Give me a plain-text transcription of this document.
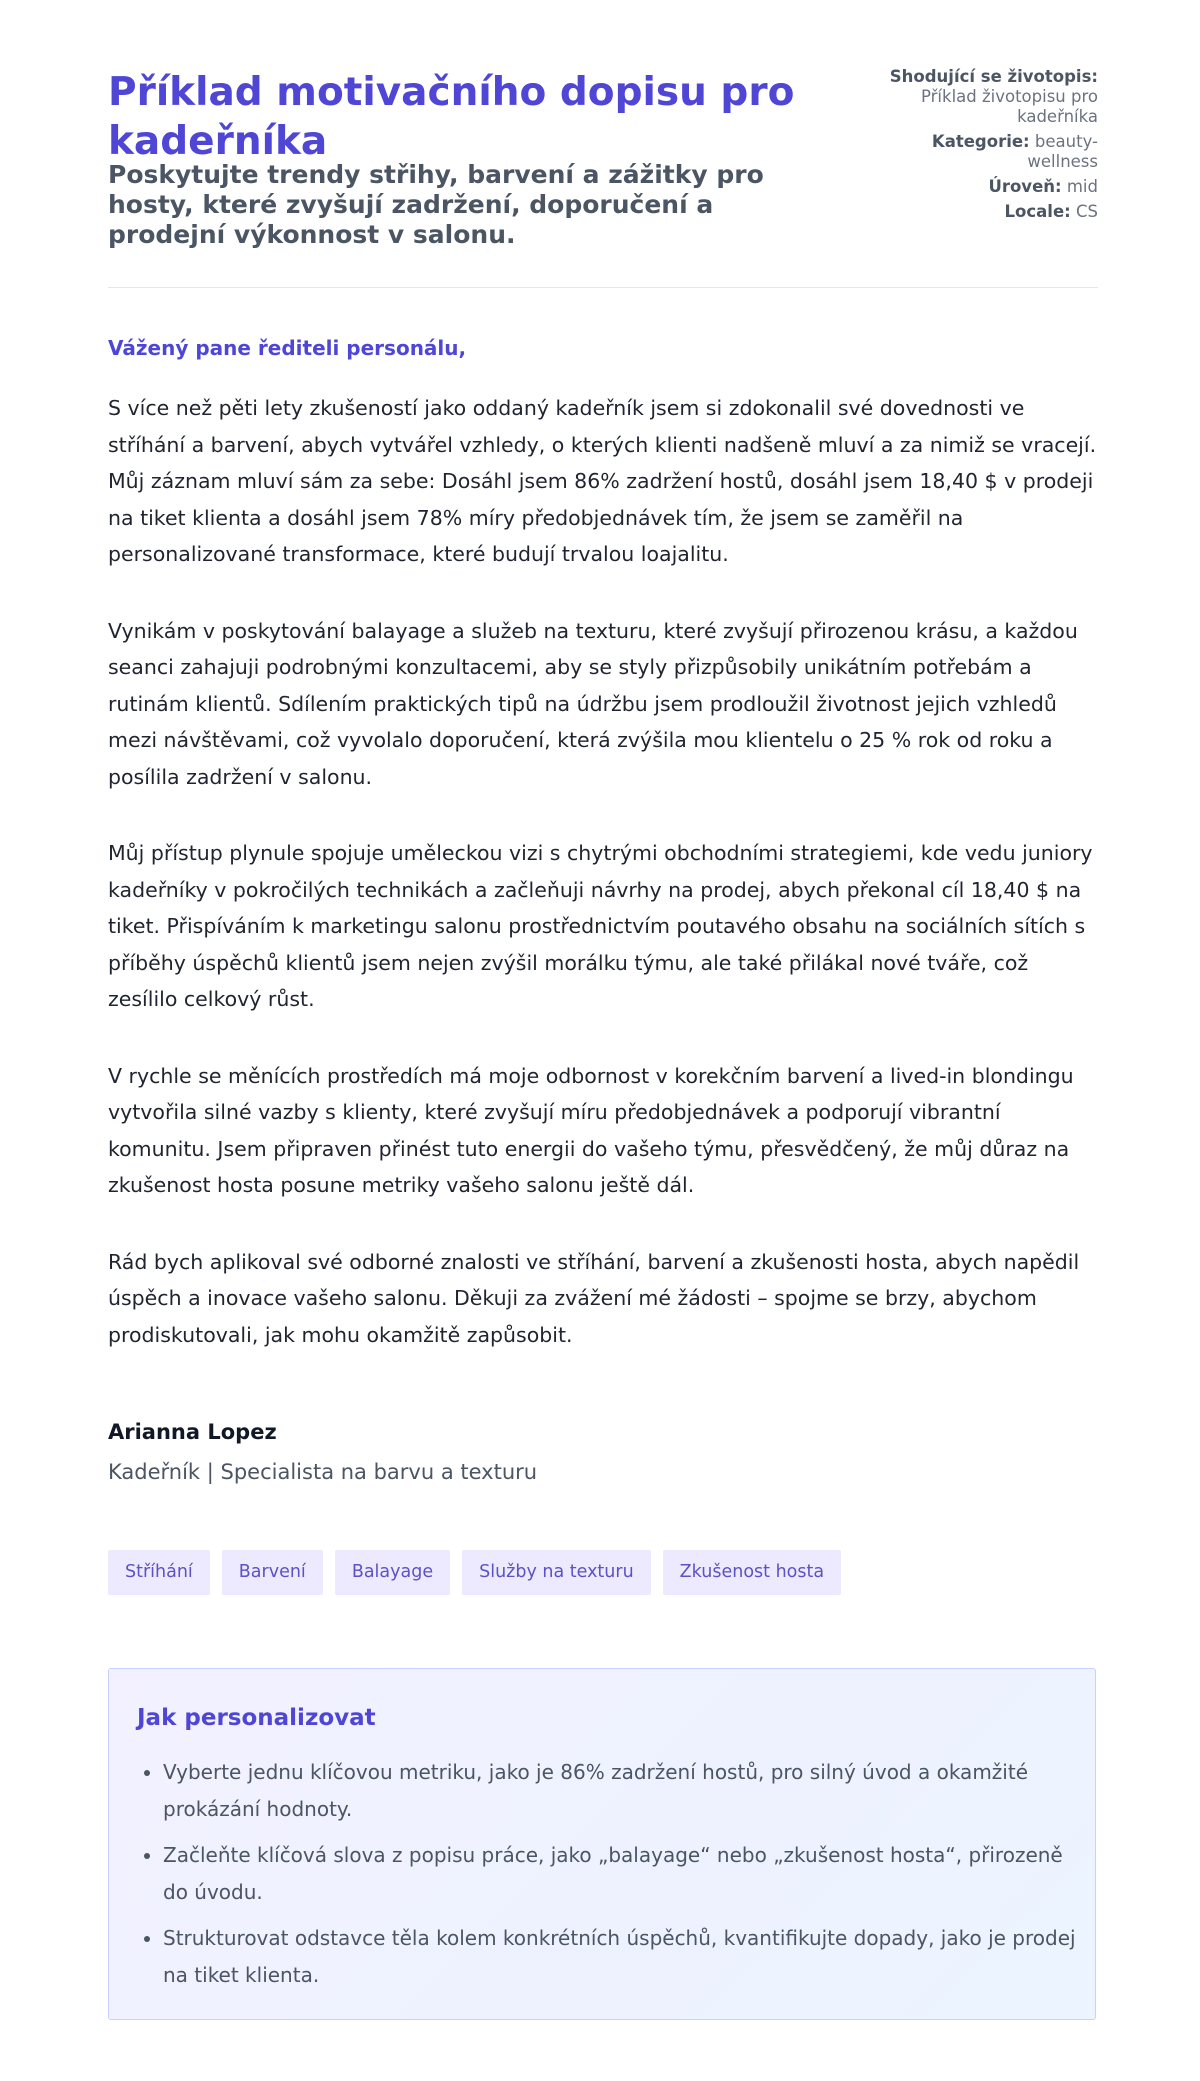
Příklad motivačního dopisu pro kadeřníka
Poskytujte trendy střihy, barvení a zážitky pro hosty, které zvyšují zadržení, doporučení a prodejní výkonnost v salonu.
Shodující se životopis: Příklad životopisu pro kadeřníka
Kategorie: beauty-wellness
Úroveň: mid
Locale: CS

Vážený pane řediteli personálu,

S více než pěti lety zkušeností jako oddaný kadeřník jsem si zdokonalil své dovednosti ve stříhání a barvení, abych vytvářel vzhledy, o kterých klienti nadšeně mluví a za nimiž se vracejí. Můj záznam mluví sám za sebe: Dosáhl jsem 86% zadržení hostů, dosáhl jsem 18,40 $ v prodeji na tiket klienta a dosáhl jsem 78% míry předobjednávek tím, že jsem se zaměřil na personalizované transformace, které budují trvalou loajalitu.

Vynikám v poskytování balayage a služeb na texturu, které zvyšují přirozenou krásu, a každou seanci zahajuji podrobnými konzultacemi, aby se styly přizpůsobily unikátním potřebám a rutinám klientů. Sdílením praktických tipů na údržbu jsem prodloužil životnost jejich vzhledů mezi návštěvami, což vyvolalo doporučení, která zvýšila mou klientelu o 25 % rok od roku a posílila zadržení v salonu.

Můj přístup plynule spojuje uměleckou vizi s chytrými obchodními strategiemi, kde vedu juniory kadeřníky v pokročilých technikách a začleňuji návrhy na prodej, abych překonal cíl 18,40 $ na tiket. Přispíváním k marketingu salonu prostřednictvím poutavého obsahu na sociálních sítích s příběhy úspěchů klientů jsem nejen zvýšil morálku týmu, ale také přilákal nové tváře, což zesílilo celkový růst.

V rychle se měnících prostředích má moje odbornost v korekčním barvení a lived-in blondingu vytvořila silné vazby s klienty, které zvyšují míru předobjednávek a podporují vibrantní komunitu. Jsem připraven přinést tuto energii do vašeho týmu, přesvědčený, že můj důraz na zkušenost hosta posune metriky vašeho salonu ještě dál.

Rád bych aplikoval své odborné znalosti ve stříhání, barvení a zkušenosti hosta, abych napědil úspěch a inovace vašeho salonu. Děkuji za zvážení mé žádosti – spojme se brzy, abychom prodiskutovali, jak mohu okamžitě zapůsobit.

Arianna Lopez

Kadeřník | Specialista na barvu a texturu

Stříhání	Barvení	Balayage	Služby na texturu	Zkušenost hosta
Jak personalizovat
• Vyberte jednu klíčovou metriku, jako je 86% zadržení hostů, pro silný úvod a okamžité prokázání hodnoty.
• Začleňte klíčová slova z popisu práce, jako „balayage“ nebo „zkušenost hosta“, přirozeně do úvodu.
• Strukturovat odstavce těla kolem konkrétních úspěchů, kvantifikujte dopady, jako je prodej na tiket klienta.
